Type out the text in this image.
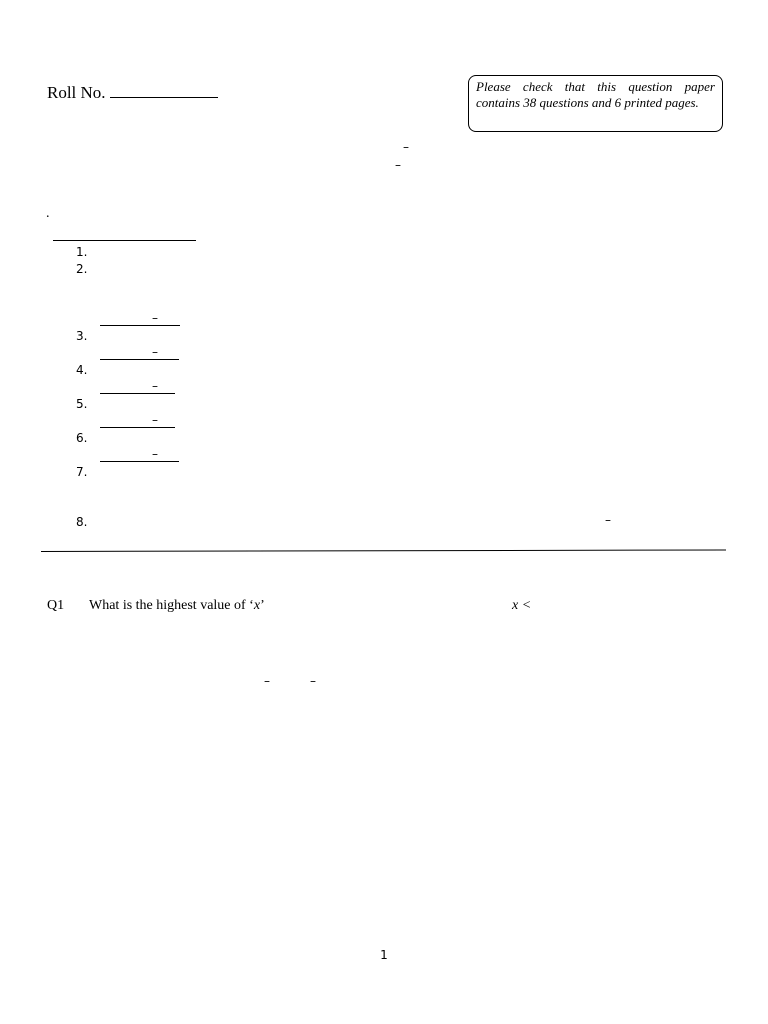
Roll No.	Please check that this question paper contains 38 questions and 6 printed pages.
–
–
.
1.
2.
–
3.
–
4.
–
5.
–
6.
–
7.
8.	–
Q1 What is the highest value of ‘x’	x <
–	–
1
